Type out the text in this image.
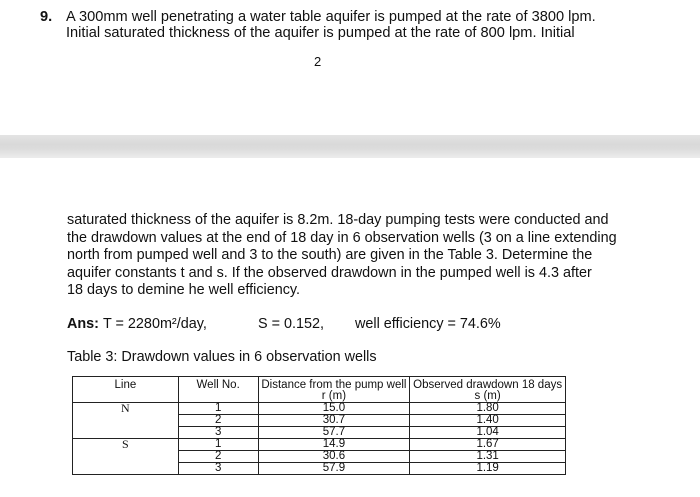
9. A 300mm well penetrating a water table aquifer is pumped at the rate of 3800 lpm.
Initial saturated thickness of the aquifer is pumped at the rate of 800 lpm. Initial
2
saturated thickness of the aquifer is 8.2m. 18-day pumping tests were conducted and
the drawdown values at the end of 18 day in 6 observation wells (3 on a line extending
north from pumped well and 3 to the south) are given in the Table 3. Determine the
aquifer constants t and s. If the observed drawdown in the pumped well is 4.3 after
18 days to demine he well efficiency.
Ans: T = 2280m²/day,	S = 0.152, well efficiency = 74.6%
Table 3: Drawdown values in 6 observation wells
Line	Well No.	Distance from the pump well r (m)	Observed drawdown 18 days s (m)
N	1	15.0	1.80
	2	30.7	1.40
	3	57.7	1.04
S	1	14.9	1.67
	2	30.6	1.31
	3	57.9	1.19
